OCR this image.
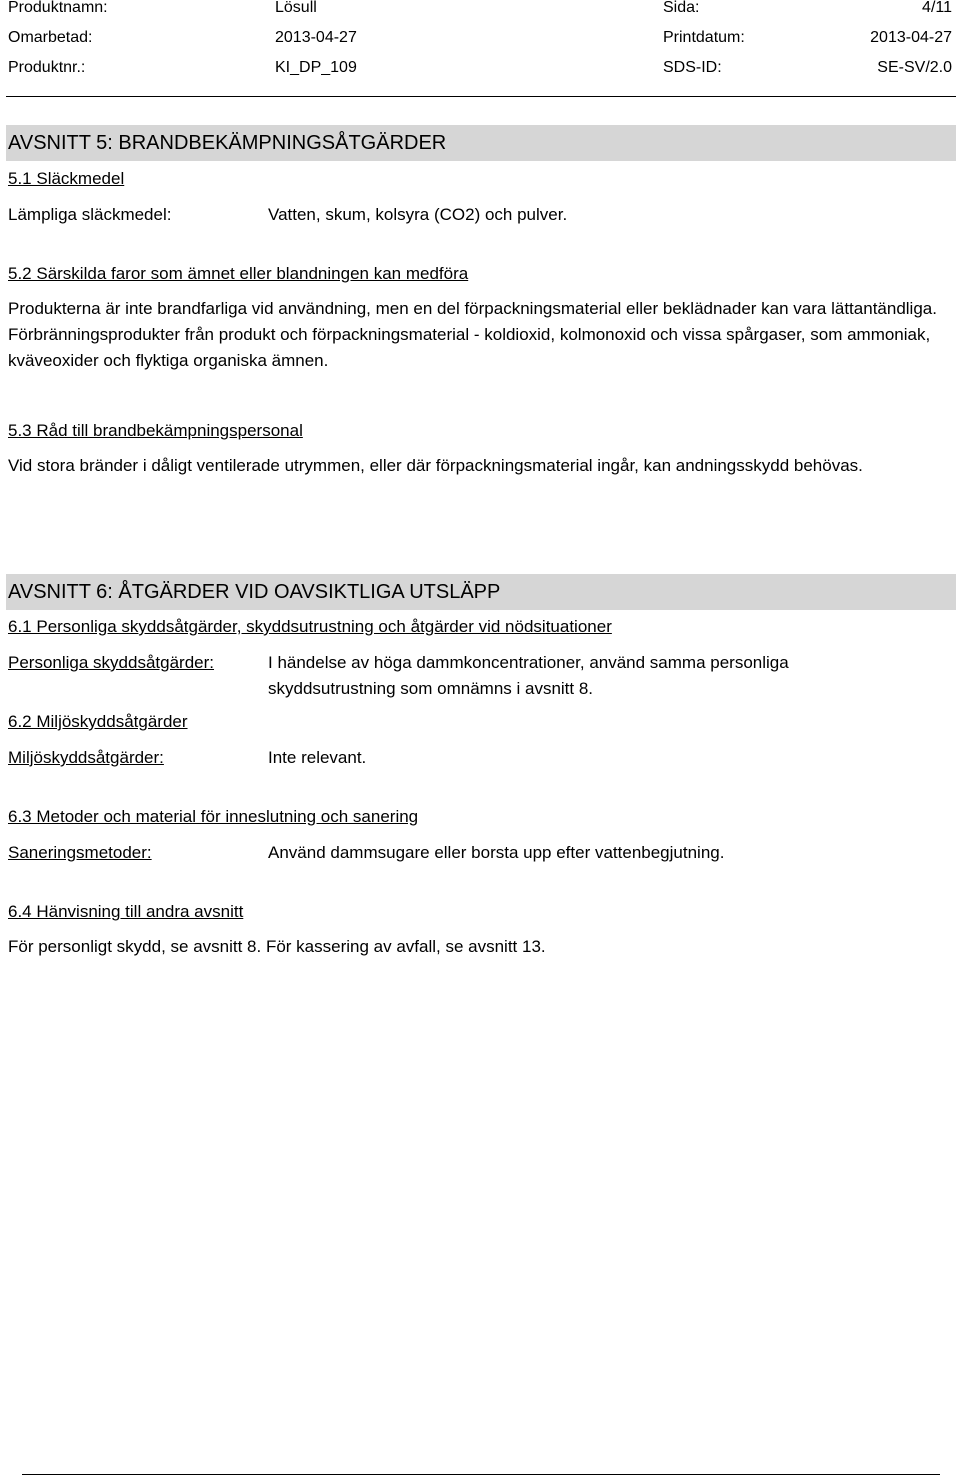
Produktnamn:	Lösull	Sida:	4/11
Omarbetad:	2013-04-27	Printdatum:	2013-04-27
Produktnr.:	KI_DP_109	SDS-ID:	SE-SV/2.0
AVSNITT 5: BRANDBEKÄMPNINGSÅTGÄRDER
5.1 Släckmedel
Lämpliga släckmedel:	Vatten, skum, kolsyra (CO2) och pulver.
5.2 Särskilda faror som ämnet eller blandningen kan medföra
Produkterna är inte brandfarliga vid användning, men en del förpackningsmaterial eller beklädnader kan vara lättantändliga. Förbränningsprodukter från produkt och förpackningsmaterial - koldioxid, kolmonoxid och vissa spårgaser, som ammoniak, kväveoxider och flyktiga organiska ämnen.
5.3 Råd till brandbekämpningspersonal
Vid stora bränder i dåligt ventilerade utrymmen, eller där förpackningsmaterial ingår, kan andningsskydd behövas.
AVSNITT 6: ÅTGÄRDER VID OAVSIKTLIGA UTSLÄPP
6.1 Personliga skyddsåtgärder, skyddsutrustning och åtgärder vid nödsituationer
Personliga skyddsåtgärder:	I händelse av höga dammkoncentrationer, använd samma personliga skyddsutrustning som omnämns i avsnitt 8.
6.2 Miljöskyddsåtgärder
Miljöskyddsåtgärder:	Inte relevant.
6.3 Metoder och material för inneslutning och sanering
Saneringsmetoder:	Använd dammsugare eller borsta upp efter vattenbegjutning.
6.4 Hänvisning till andra avsnitt
För personligt skydd, se avsnitt 8. För kassering av avfall, se avsnitt 13.
